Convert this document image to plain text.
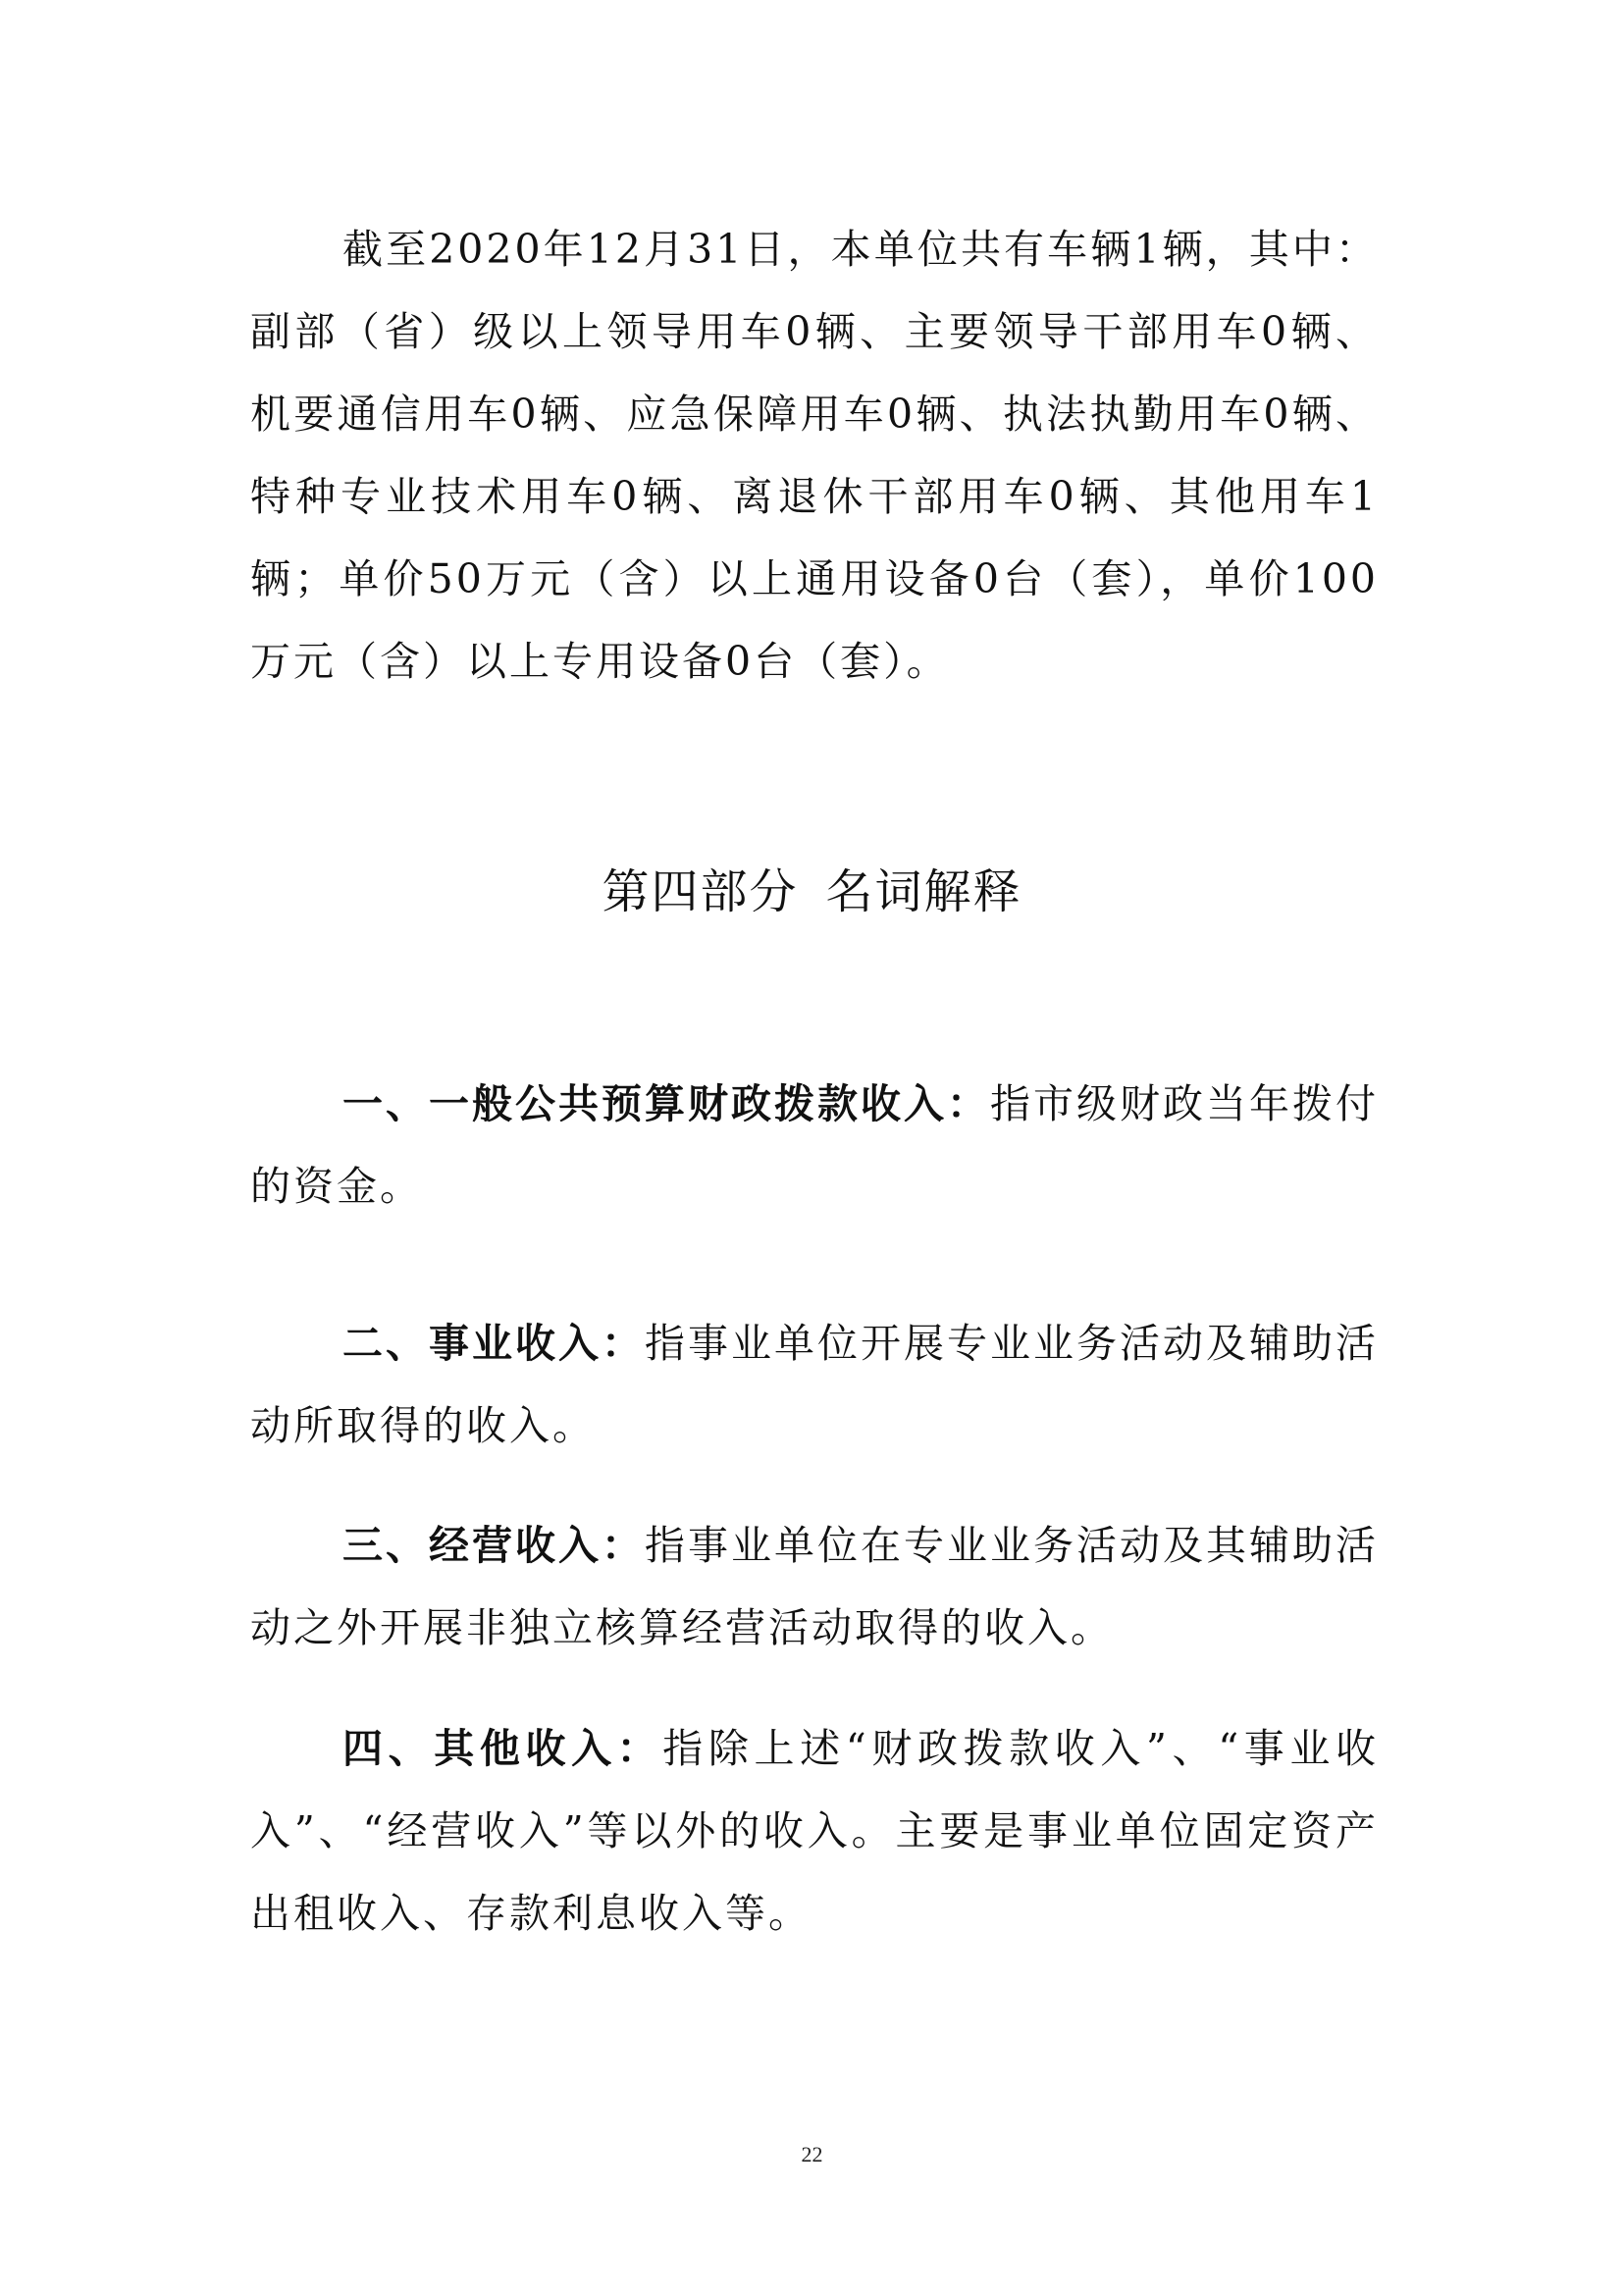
截至2020年12月31日，本单位共有车辆1辆，其中：副部（省）级以上领导用车0辆、主要领导干部用车0辆、机要通信用车0辆、应急保障用车0辆、执法执勤用车0辆、特种专业技术用车0辆、离退休干部用车0辆、其他用车1辆；单价50万元（含）以上通用设备0台（套），单价100万元（含）以上专用设备0台（套）。

第四部分 名词解释

一、一般公共预算财政拨款收入：指市级财政当年拨付的资金。

二、事业收入：指事业单位开展专业业务活动及辅助活动所取得的收入。

三、经营收入：指事业单位在专业业务活动及其辅助活动之外开展非独立核算经营活动取得的收入。

四、其他收入：指除上述“财政拨款收入”、“事业收入”、“经营收入”等以外的收入。主要是事业单位固定资产出租收入、存款利息收入等。

22
